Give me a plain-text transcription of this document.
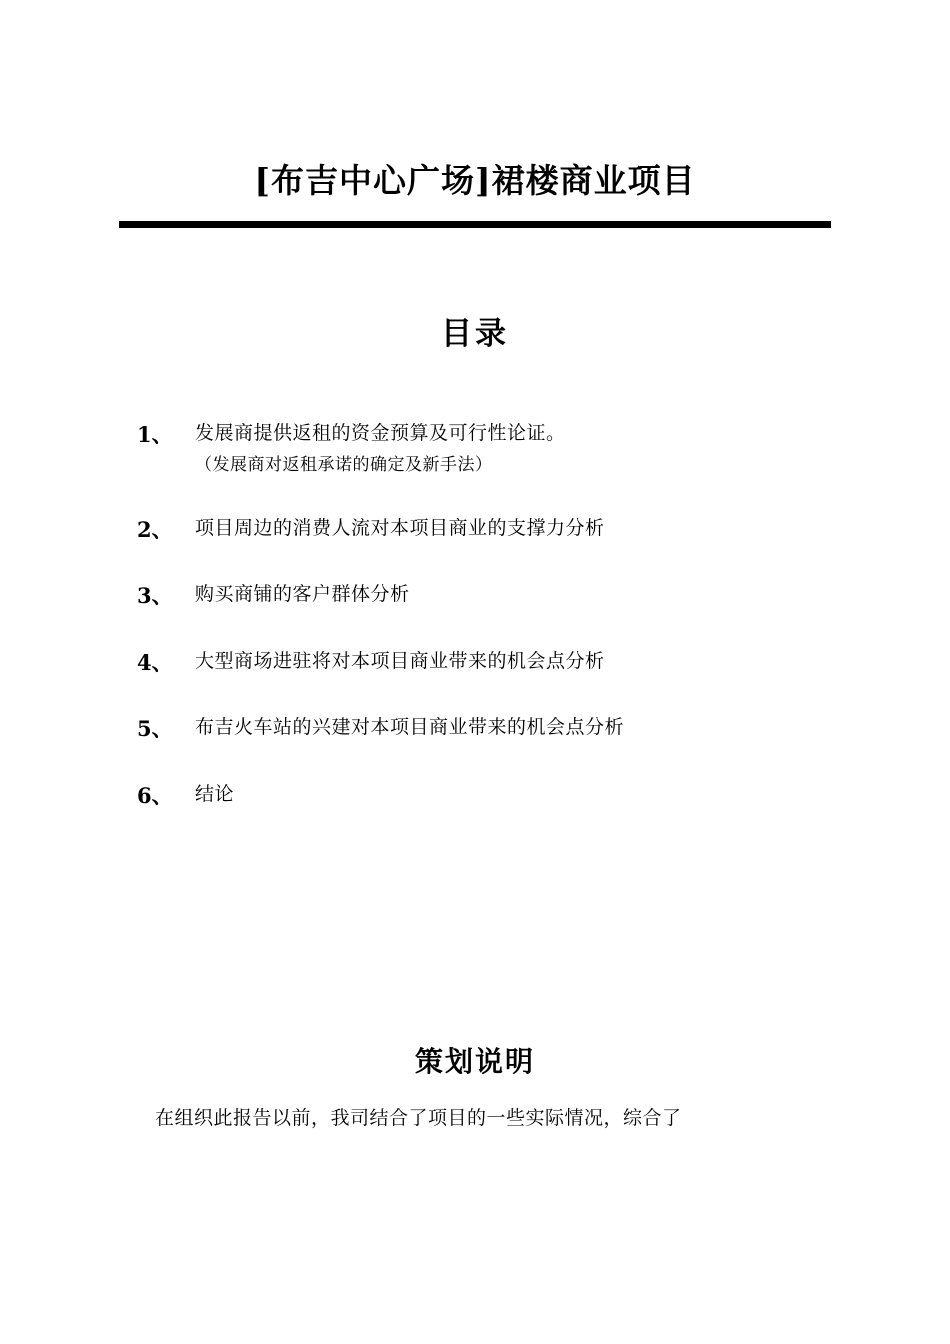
[布吉中心广场]裙楼商业项目
目录
1、	发展商提供返租的资金预算及可行性论证。
（发展商对返租承诺的确定及新手法）
2、	项目周边的消费人流对本项目商业的支撑力分析
3、	购买商铺的客户群体分析
4、	大型商场进驻将对本项目商业带来的机会点分析
5、	布吉火车站的兴建对本项目商业带来的机会点分析
6、	结论
策划说明
在组织此报告以前，我司结合了项目的一些实际情况，综合了
